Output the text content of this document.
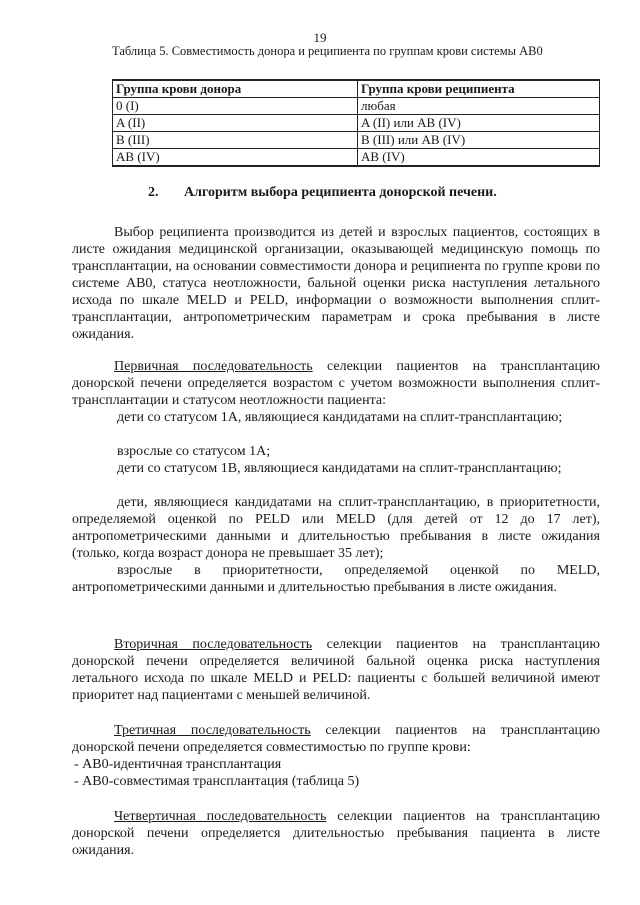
19
Таблица 5. Совместимость донора и реципиента по группам крови системы АВ0
Группа крови донора	Группа крови реципиента
0 (I)	любая
A (II)	A (II) или AB (IV)
B (III)	B (III) или AB (IV)
AB (IV)	AB (IV)
2. Алгоритм выбора реципиента донорской печени.

Выбор реципиента производится из детей и взрослых пациентов, состоящих в листе ожидания медицинской организации, оказывающей медицинскую помощь по трансплантации, на основании совместимости донора и реципиента по группе крови по системе АВ0, статуса неотложности, бальной оценки риска наступления летального исхода по шкале MELD и PELD, информации о возможности выполнения сплит-трансплантации, антропометрическим параметрам и срока пребывания в листе ожидания.

Первичная последовательность селекции пациентов на трансплантацию донорской печени определяется возрастом с учетом возможности выполнения сплит-трансплантации и статусом неотложности пациента:

дети со статусом 1А, являющиеся кандидатами на сплит-трансплантацию;

взрослые со статусом 1А;

дети со статусом 1В, являющиеся кандидатами на сплит-трансплантацию;

дети, являющиеся кандидатами на сплит-трансплантацию, в приоритетности, определяемой оценкой по PELD или MELD (для детей от 12 до 17 лет), антропометрическими данными и длительностью пребывания в листе ожидания (только, когда возраст донора не превышает 35 лет);

взрослые в приоритетности, определяемой оценкой по MELD, антропометрическими данными и длительностью пребывания в листе ожидания.

Вторичная последовательность селекции пациентов на трансплантацию донорской печени определяется величиной бальной оценка риска наступления летального исхода по шкале MELD и PELD: пациенты с большей величиной имеют приоритет над пациентами с меньшей величиной.

Третичная последовательность селекции пациентов на трансплантацию донорской печени определяется совместимостью по группе крови:

- АВ0-идентичная трансплантация
- АВ0-совместимая трансплантация (таблица 5)

Четвертичная последовательность селекции пациентов на трансплантацию донорской печени определяется длительностью пребывания пациента в листе ожидания.
